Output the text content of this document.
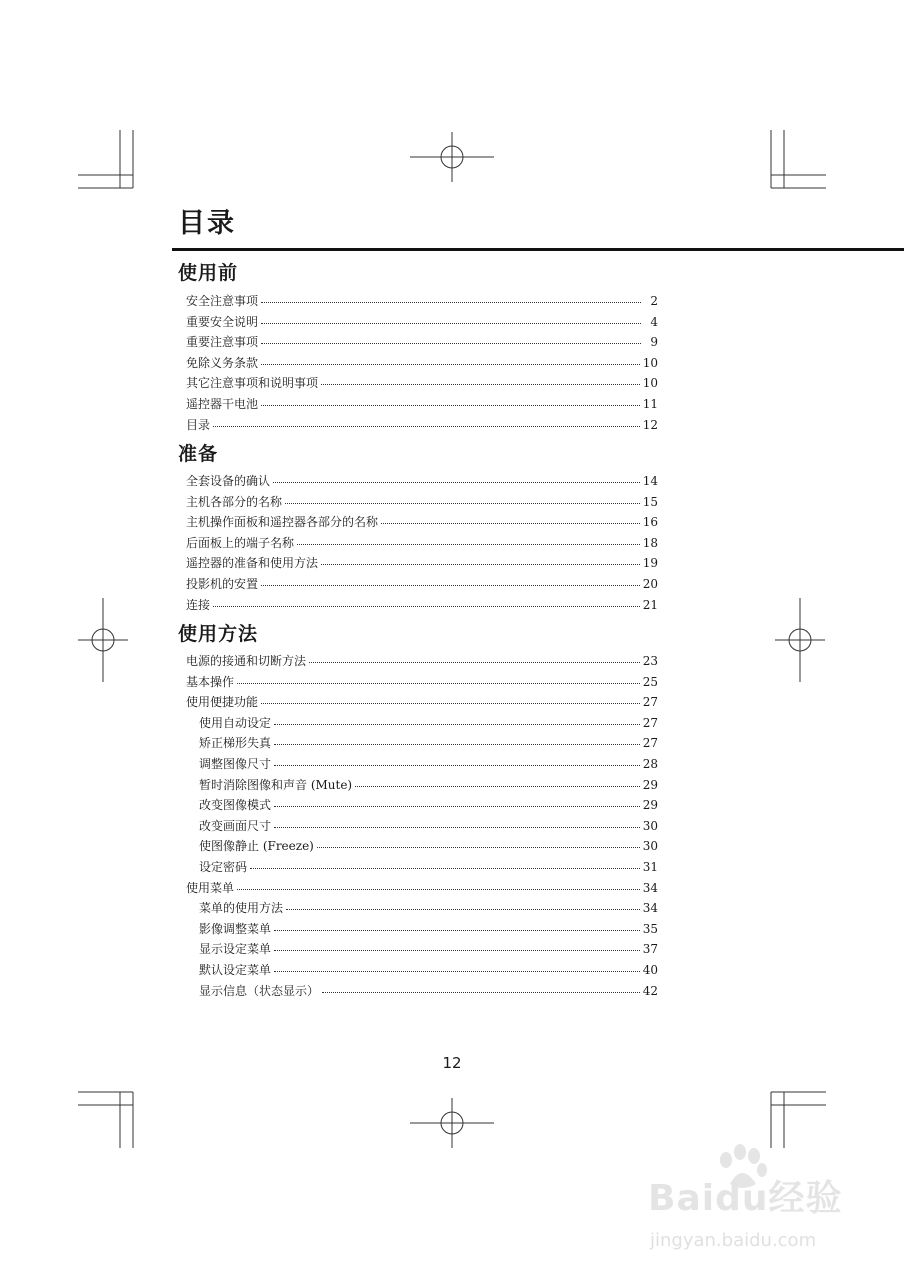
目录
使用前
安全注意事项	2
重要安全说明	4
重要注意事项	9
免除义务条款	10
其它注意事项和说明事项	10
遥控器干电池	11
目录	12
准备
全套设备的确认	14
主机各部分的名称	15
主机操作面板和遥控器各部分的名称	16
后面板上的端子名称	18
遥控器的准备和使用方法	19
投影机的安置	20
连接	21
使用方法
电源的接通和切断方法	23
基本操作	25
使用便捷功能	27
使用自动设定	27
矫正梯形失真	27
调整图像尺寸	28
暂时消除图像和声音 (Mute)	29
改变图像模式	29
改变画面尺寸	30
使图像静止 (Freeze)	30
设定密码	31
使用菜单	34
菜单的使用方法	34
影像调整菜单	35
显示设定菜单	37
默认设定菜单	40
显示信息（状态显示）	42
12
Baidu经验
jingyan.baidu.com
